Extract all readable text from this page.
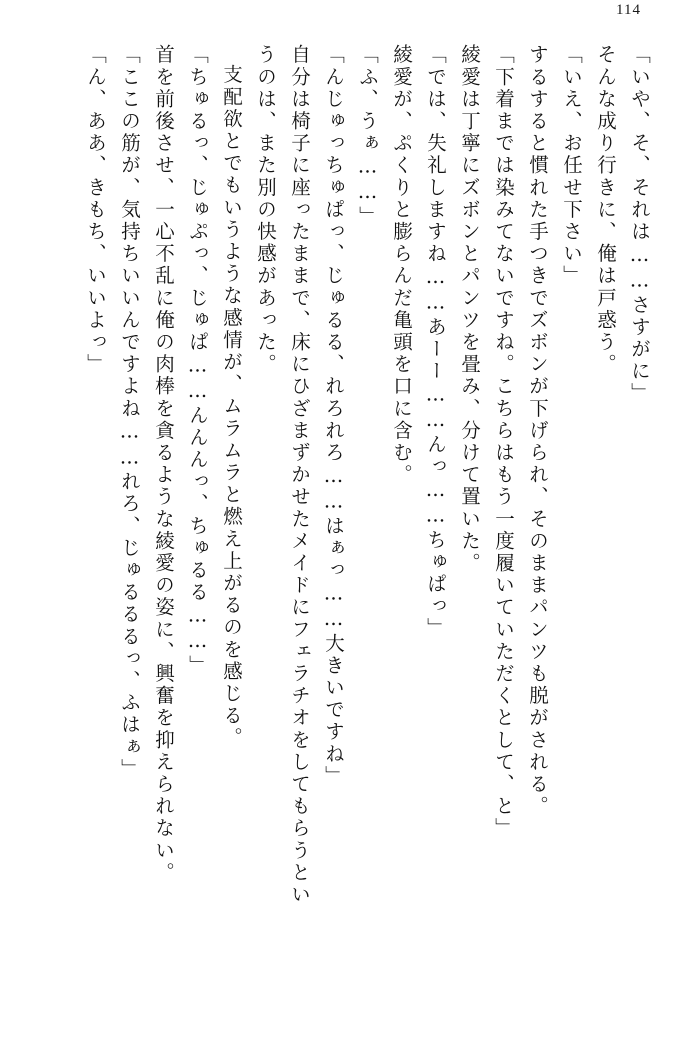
114
「いや、そ、それは……さすがに」
そんな成り行きに、俺は戸惑う。
「いえ、お任せ下さい」
するすると慣れた手つきでズボンが下げられ、そのままパンツも脱がされる。
「下着までは染みてないですね。こちらはもう一度履いていただくとして、と」
綾愛は丁寧にズボンとパンツを畳み、分けて置いた。
「では、失礼しますね……あーー……んっ……ちゅぱっ」
綾愛が、ぷくりと膨らんだ亀頭を口に含む。
「ふ、うぁ……」
「んじゅっちゅぱっ、じゅるる、れろれろ……はぁっ……大きいですね」
自分は椅子に座ったままで、床にひざまずかせたメイドにフェラチオをしてもらうとい
うのは、また別の快感があった。
支配欲とでもいうような感情が、ムラムラと燃え上がるのを感じる。
「ちゅるっ、じゅぷっ、じゅぱ……んんんっ、ちゅるる……」
首を前後させ、一心不乱に俺の肉棒を貪るような綾愛の姿に、興奮を抑えられない。
「ここの筋が、気持ちいいんですよね……れろ、じゅるるるっ、ふはぁ」
「ん、ああ、きもち、いいよっ」
